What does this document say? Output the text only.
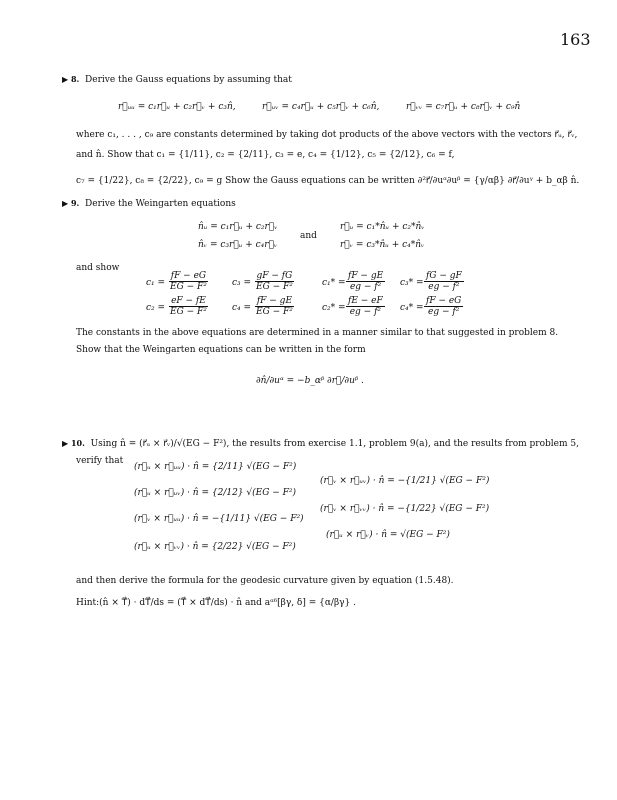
163
▶ 8. Derive the Gauss equations by assuming that
r⃗ᵤᵤ = c₁r⃗ᵤ + c₂r⃗ᵥ + c₃n̂,	r⃗ᵤᵥ = c₄r⃗ᵤ + c₅r⃗ᵥ + c₆n̂,	r⃗ᵥᵥ = c₇r⃗ᵤ + c₈r⃗ᵥ + c₉n̂
where c₁, . . . , c₉ are constants determined by taking dot products of the above vectors with the vectors r⃗ᵤ, r⃗ᵥ,
and n̂. Show that c₁ = {1/11}, c₂ = {2/11}, c₃ = e, c₄ = {1/12}, c₅ = {2/12}, c₆ = f,
c₇ = {1/22}, c₈ = {2/22}, c₉ = g Show the Gauss equations can be written ∂²r⃗/∂uᵅ∂uᵝ = {γ/αβ} ∂r⃗/∂uᵞ + b_αβ n̂.
▶ 9. Derive the Weingarten equations
n̂ᵤ = c₁r⃗ᵤ + c₂r⃗ᵥ
n̂ᵥ = c₃r⃗ᵤ + c₄r⃗ᵥ
and
r⃗ᵤ = c₁*n̂ᵤ + c₂*n̂ᵥ
r⃗ᵥ = c₃*n̂ᵤ + c₄*n̂ᵥ
and show
$c_1 = \frac{fF - eG}{\text{EG − F²}}$	$c_3 = \frac{gF - fG}{\text{EG − F²}}$	$c_1* = \frac{fF - gE}{\text{eg − f²}} c_3* = \frac{fG - gF}{\text{eg − f²}}$
$c_2 = \frac{eF - fE}{\text{EG − F²}}$	$c_4 = \frac{fF - gE}{\text{EG − F²}}$	$c_2* = \frac{fE - eF}{\text{eg − f²}} c_4* = \frac{fF - eG}{\text{eg − f²}}$
The constants in the above equations are determined in a manner similar to that suggested in problem 8.
Show that the Weingarten equations can be written in the form
∂n̂/∂uᵅ = −b_αᵝ ∂r⃗/∂uᵝ .
▶ 10. Using n̂ = (r⃗ᵤ × r⃗ᵥ)/√(EG − F²), the results from exercise 1.1, problem 9(a), and the results from problem 5,
verify that
(r⃗ᵤ × r⃗ᵤᵤ) · n̂ = {2/11} √(EG − F²)
(r⃗ᵤ × r⃗ᵤᵥ) · n̂ = {2/12} √(EG − F²)
(r⃗ᵥ × r⃗ᵤᵤ) · n̂ = −{1/11} √(EG − F²)
(r⃗ᵤ × r⃗ᵥᵥ) · n̂ = {2/22} √(EG − F²)
(r⃗ᵥ × r⃗ᵤᵥ) · n̂ = −{1/21} √(EG − F²)
(r⃗ᵥ × r⃗ᵥᵥ) · n̂ = −{1/22} √(EG − F²)
(r⃗ᵤ × r⃗ᵥ) · n̂ = √(EG − F²)
and then derive the formula for the geodesic curvature given by equation (1.5.48).
Hint:(n̂ × T⃗) · dT⃗/ds = (T⃗ × dT⃗/ds) · n̂ and aᵅᵟ[βγ, δ] = {α/βγ} .
